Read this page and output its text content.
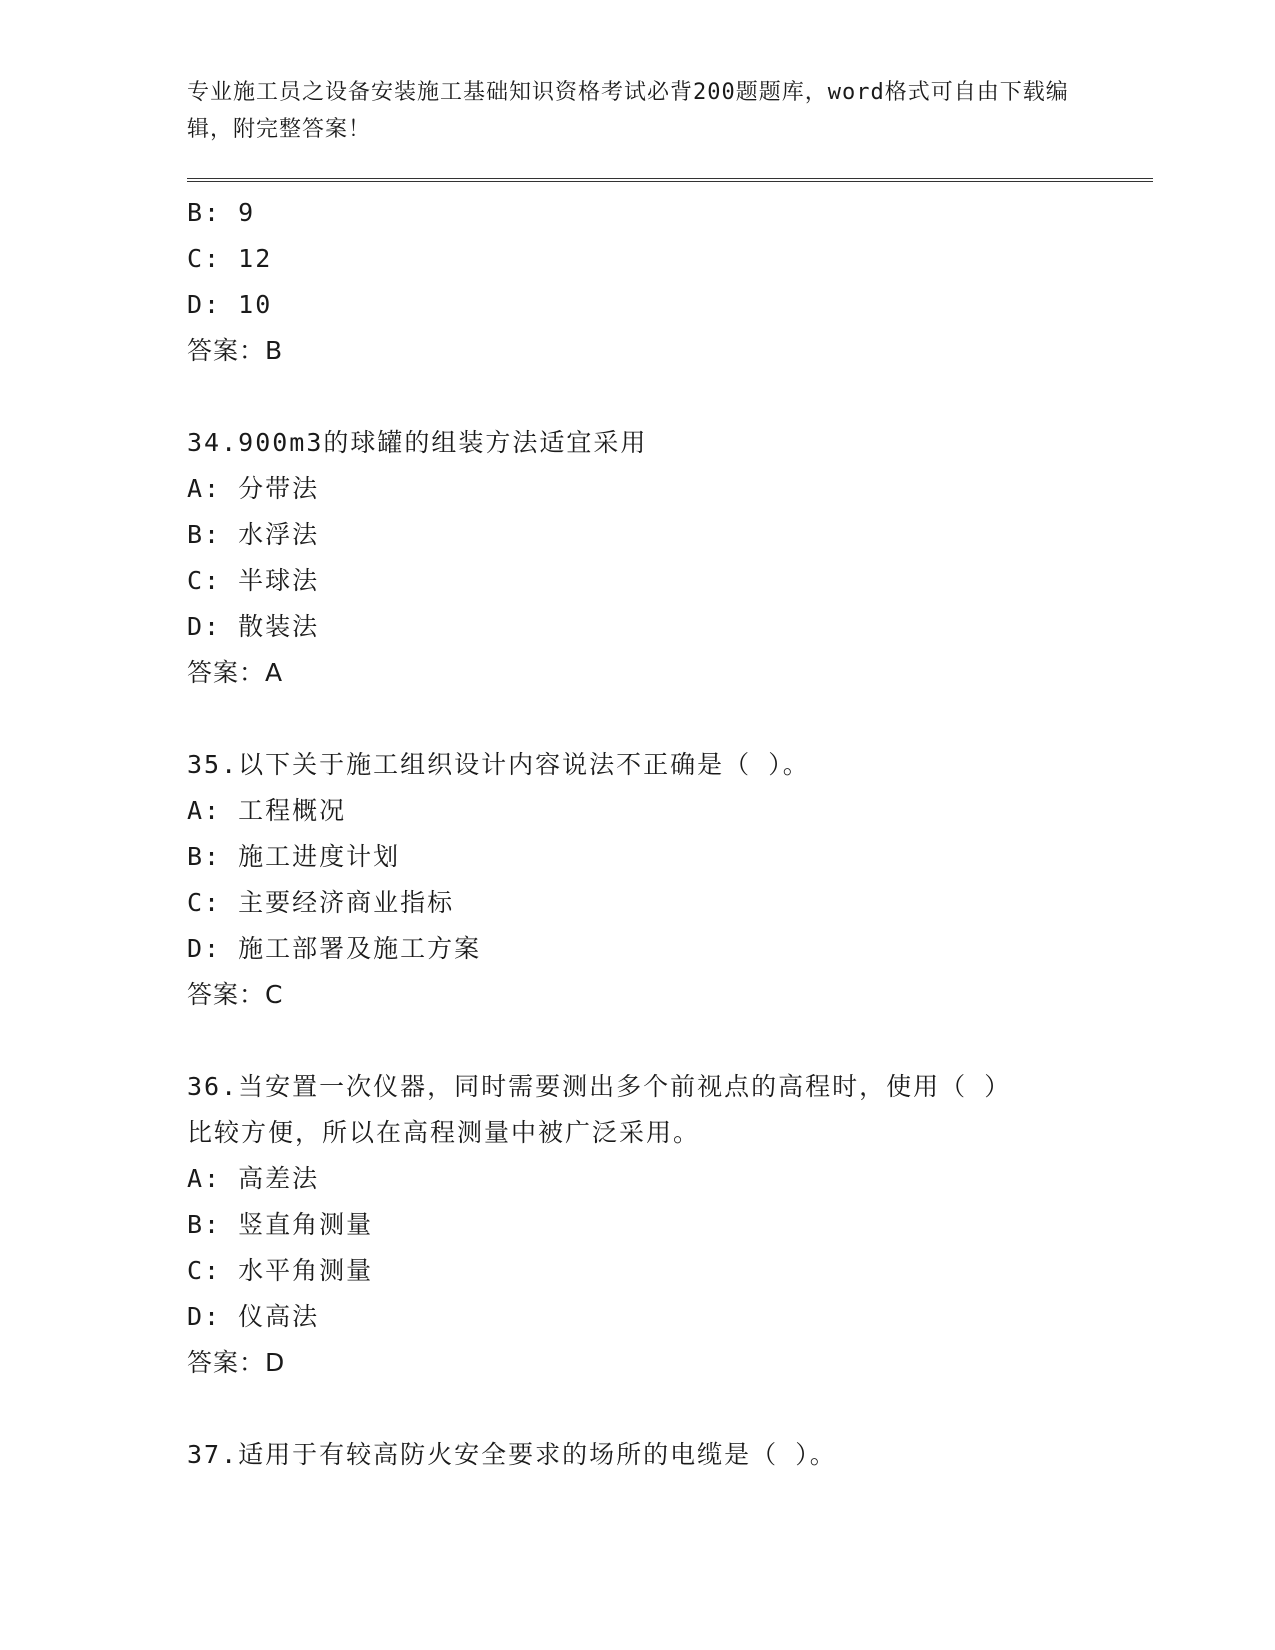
专业施工员之设备安装施工基础知识资格考试必背200题题库，word格式可自由下载编辑，附完整答案！

B: 9
C: 12
D: 10
答案：B
34.900m3的球罐的组装方法适宜采用
A: 分带法
B: 水浮法
C: 半球法
D: 散装法
答案：A
35.以下关于施工组织设计内容说法不正确是（ ）。
A: 工程概况
B: 施工进度计划
C: 主要经济商业指标
D: 施工部署及施工方案
答案：C
36.当安置一次仪器，同时需要测出多个前视点的高程时，使用（ ）
比较方便，所以在高程测量中被广泛采用。
A: 高差法
B: 竖直角测量
C: 水平角测量
D: 仪高法
答案：D
37.适用于有较高防火安全要求的场所的电缆是（ ）。
